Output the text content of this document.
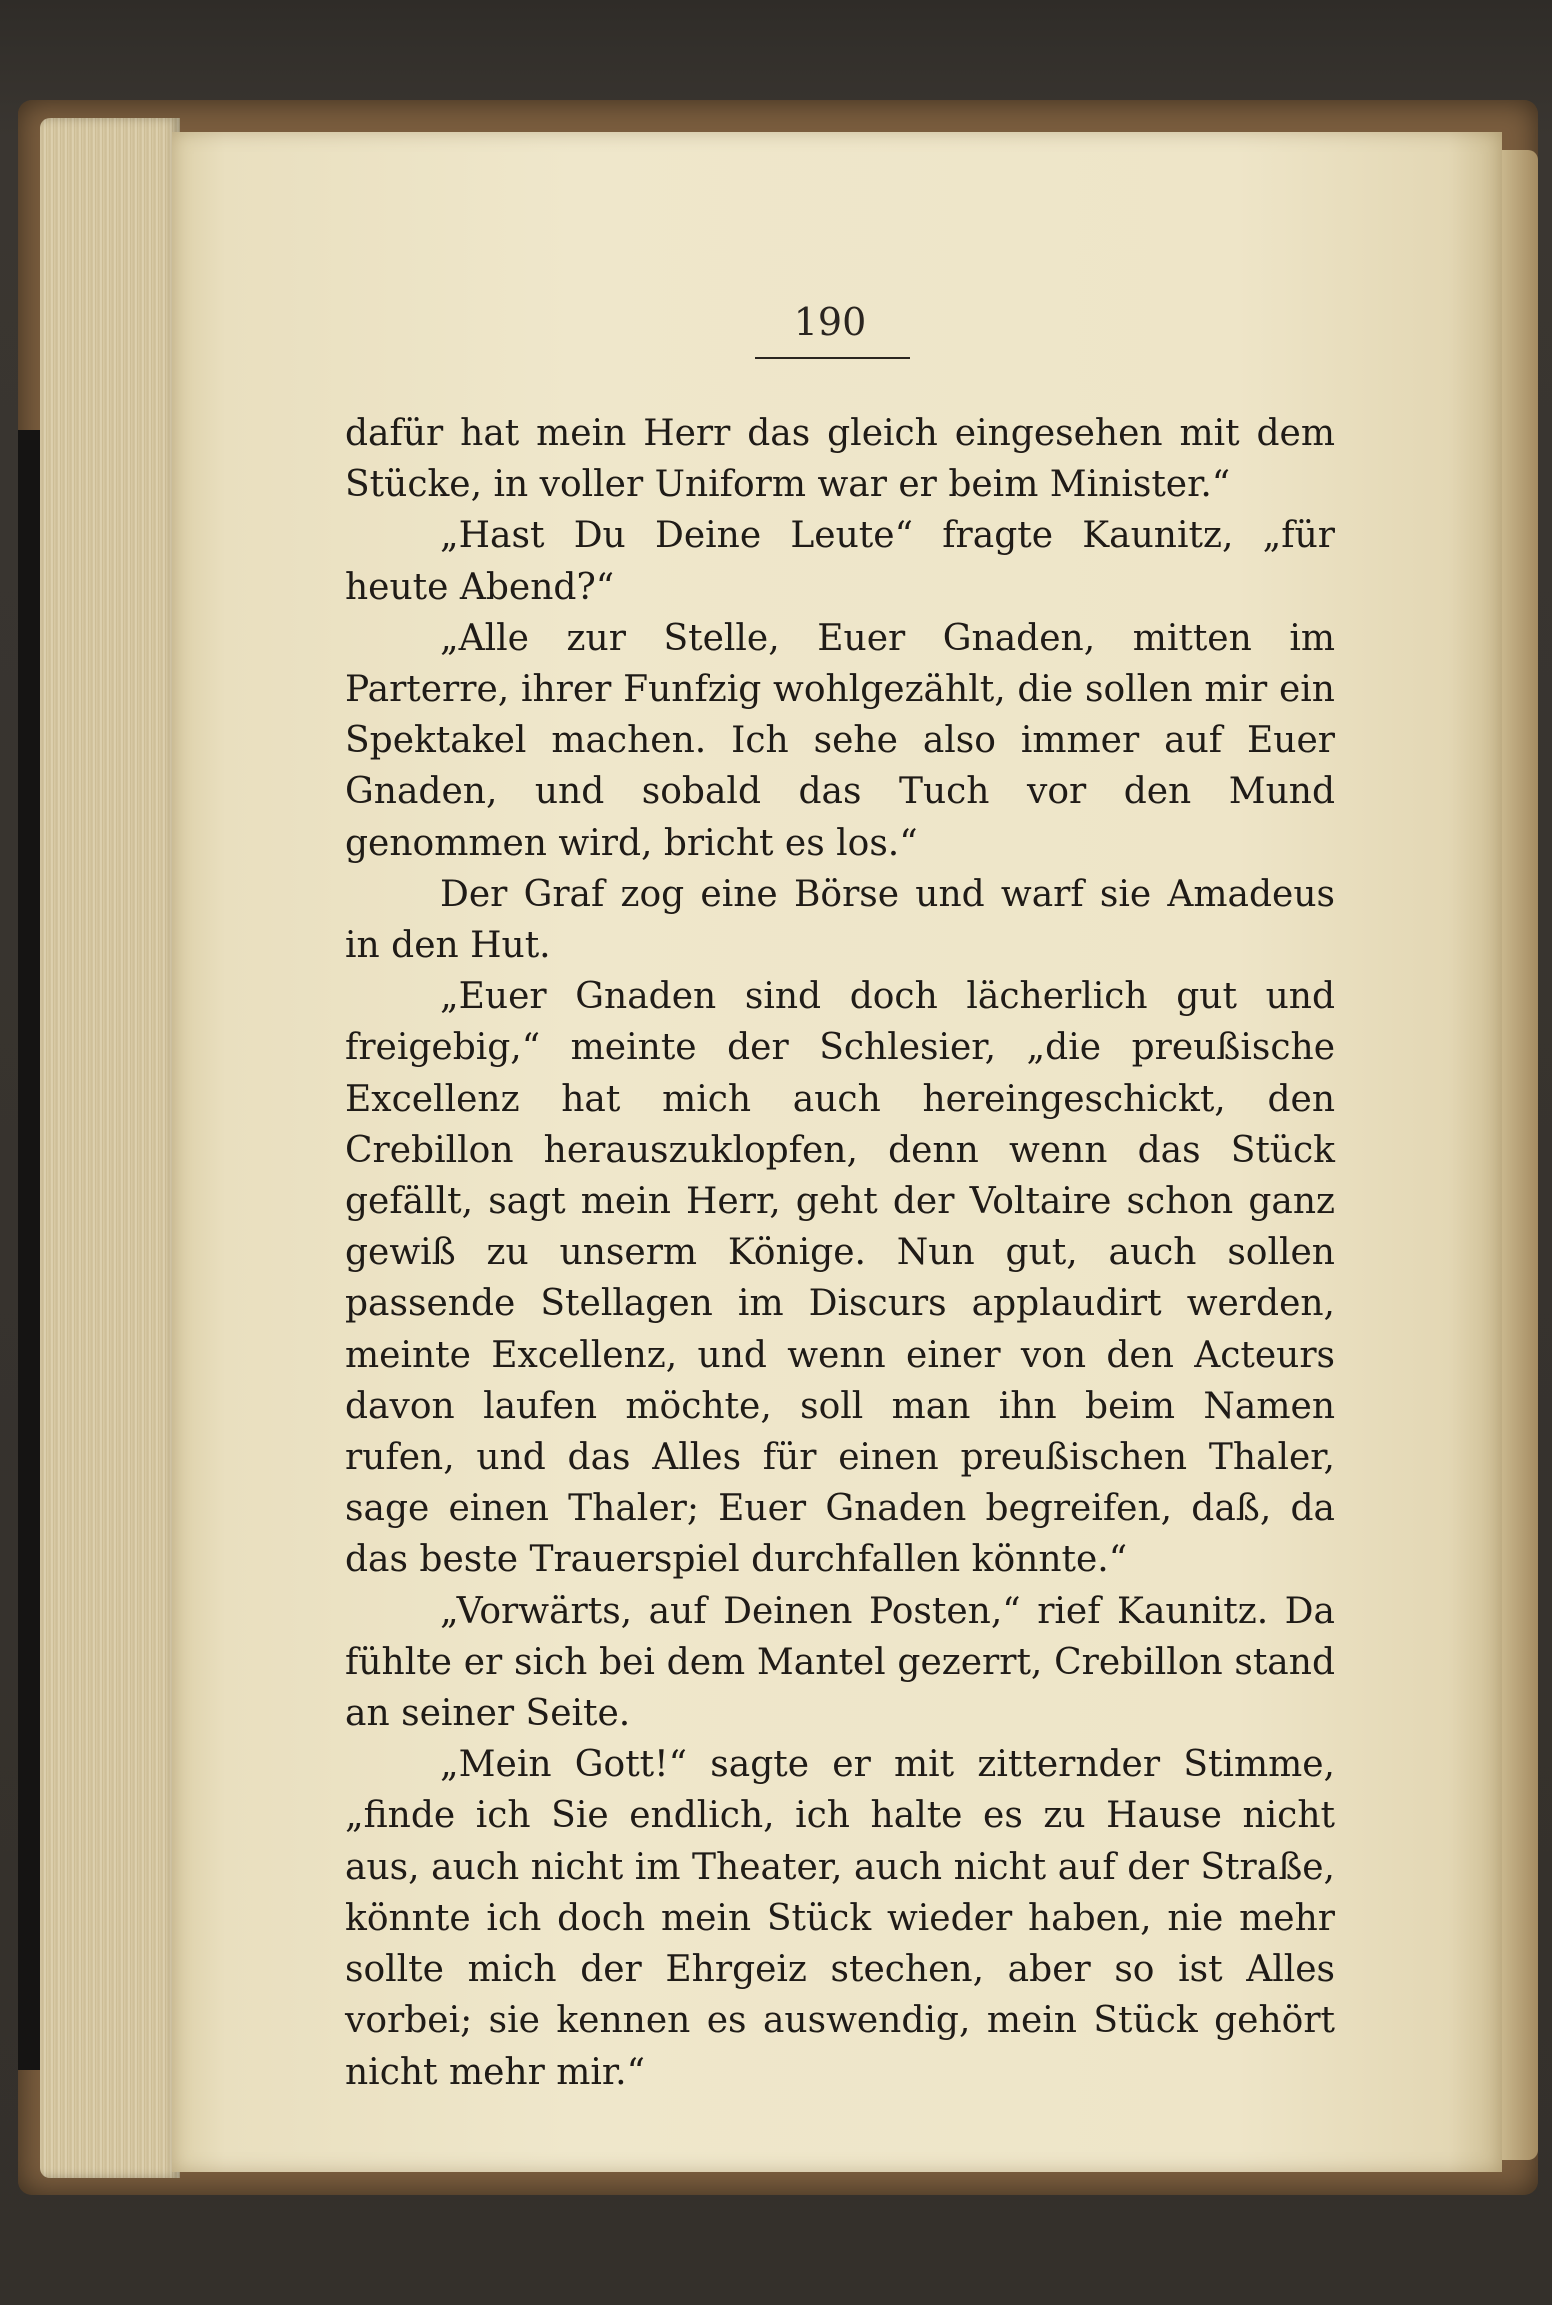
190

dafür hat mein Herr das gleich eingesehen mit dem Stücke, in voller Uniform war er beim Minister.“

„Hast Du Deine Leute“ fragte Kaunitz, „für heute Abend?“

„Alle zur Stelle, Euer Gnaden, mitten im Parterre, ihrer Funfzig wohlgezählt, die sollen mir ein Spektakel machen. Ich sehe also immer auf Euer Gnaden, und sobald das Tuch vor den Mund genommen wird, bricht es los.“

Der Graf zog eine Börse und warf sie Amadeus in den Hut.

„Euer Gnaden sind doch lächerlich gut und freigebig,“ meinte der Schlesier, „die preußische Excellenz hat mich auch hereingeschickt, den Crebillon herauszuklopfen, denn wenn das Stück gefällt, sagt mein Herr, geht der Voltaire schon ganz gewiß zu unserm Könige. Nun gut, auch sollen passende Stellagen im Discurs applaudirt werden, meinte Excellenz, und wenn einer von den Acteurs davon laufen möchte, soll man ihn beim Namen rufen, und das Alles für einen preußischen Thaler, sage einen Thaler; Euer Gnaden begreifen, daß, da das beste Trauerspiel durchfallen könnte.“

„Vorwärts, auf Deinen Posten,“ rief Kaunitz. Da fühlte er sich bei dem Mantel gezerrt, Crebillon stand an seiner Seite.

„Mein Gott!“ sagte er mit zitternder Stimme, „finde ich Sie endlich, ich halte es zu Hause nicht aus, auch nicht im Theater, auch nicht auf der Straße, könnte ich doch mein Stück wieder haben, nie mehr sollte mich der Ehrgeiz stechen, aber so ist Alles vorbei; sie kennen es auswendig, mein Stück gehört nicht mehr mir.“
